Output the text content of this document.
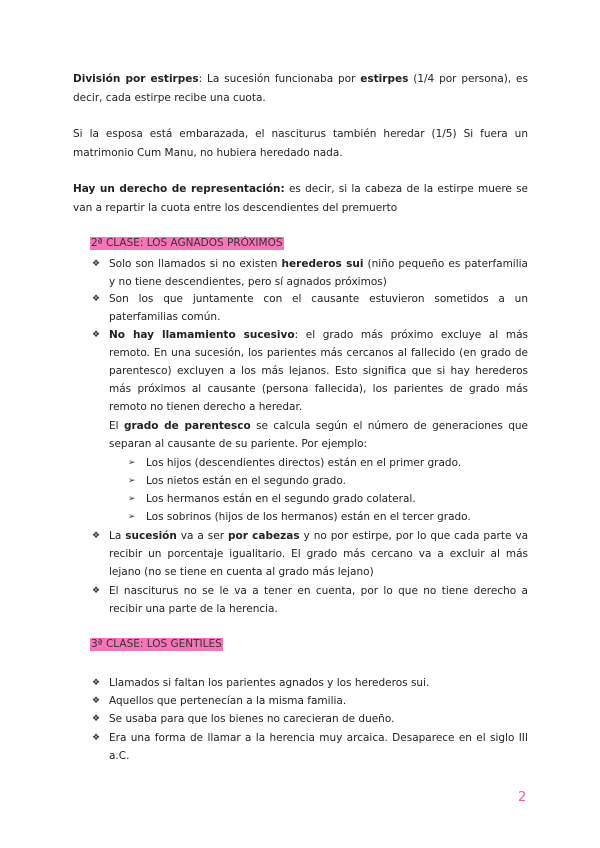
División por estirpes: La sucesión funcionaba por estirpes (1/4 por persona), es decir, cada estirpe recibe una cuota.
Si la esposa está embarazada, el nasciturus también heredar (1/5) Si fuera un matrimonio Cum Manu, no hubiera heredado nada.
Hay un derecho de representación: es decir, si la cabeza de la estirpe muere se van a repartir la cuota entre los descendientes del premuerto
2ª CLASE: LOS AGNADOS PRÓXIMOS
❖ Solo son llamados si no existen herederos sui (niño pequeño es paterfamilia y no tiene descendientes, pero sí agnados próximos)
❖ Son los que juntamente con el causante estuvieron sometidos a un paterfamilias común.
❖ No hay llamamiento sucesivo: el grado más próximo excluye al más remoto. En una sucesión, los parientes más cercanos al fallecido (en grado de parentesco) excluyen a los más lejanos. Esto significa que si hay herederos más próximos al causante (persona fallecida), los parientes de grado más remoto no tienen derecho a heredar.
El grado de parentesco se calcula según el número de generaciones que separan al causante de su pariente. Por ejemplo:
➢ Los hijos (descendientes directos) están en el primer grado.
➢ Los nietos están en el segundo grado.
➢ Los hermanos están en el segundo grado colateral.
➢ Los sobrinos (hijos de los hermanos) están en el tercer grado.
❖ La sucesión va a ser por cabezas y no por estirpe, por lo que cada parte va recibir un porcentaje igualitario. El grado más cercano va a excluir al más lejano (no se tiene en cuenta al grado más lejano)
❖ El nasciturus no se le va a tener en cuenta, por lo que no tiene derecho a recibir una parte de la herencia.
3ª CLASE: LOS GENTILES
❖ Llamados si faltan los parientes agnados y los herederos sui.
❖ Aquellos que pertenecían a la misma familia.
❖ Se usaba para que los bienes no carecieran de dueño.
❖ Era una forma de llamar a la herencia muy arcaica. Desaparece en el siglo III a.C.
2
